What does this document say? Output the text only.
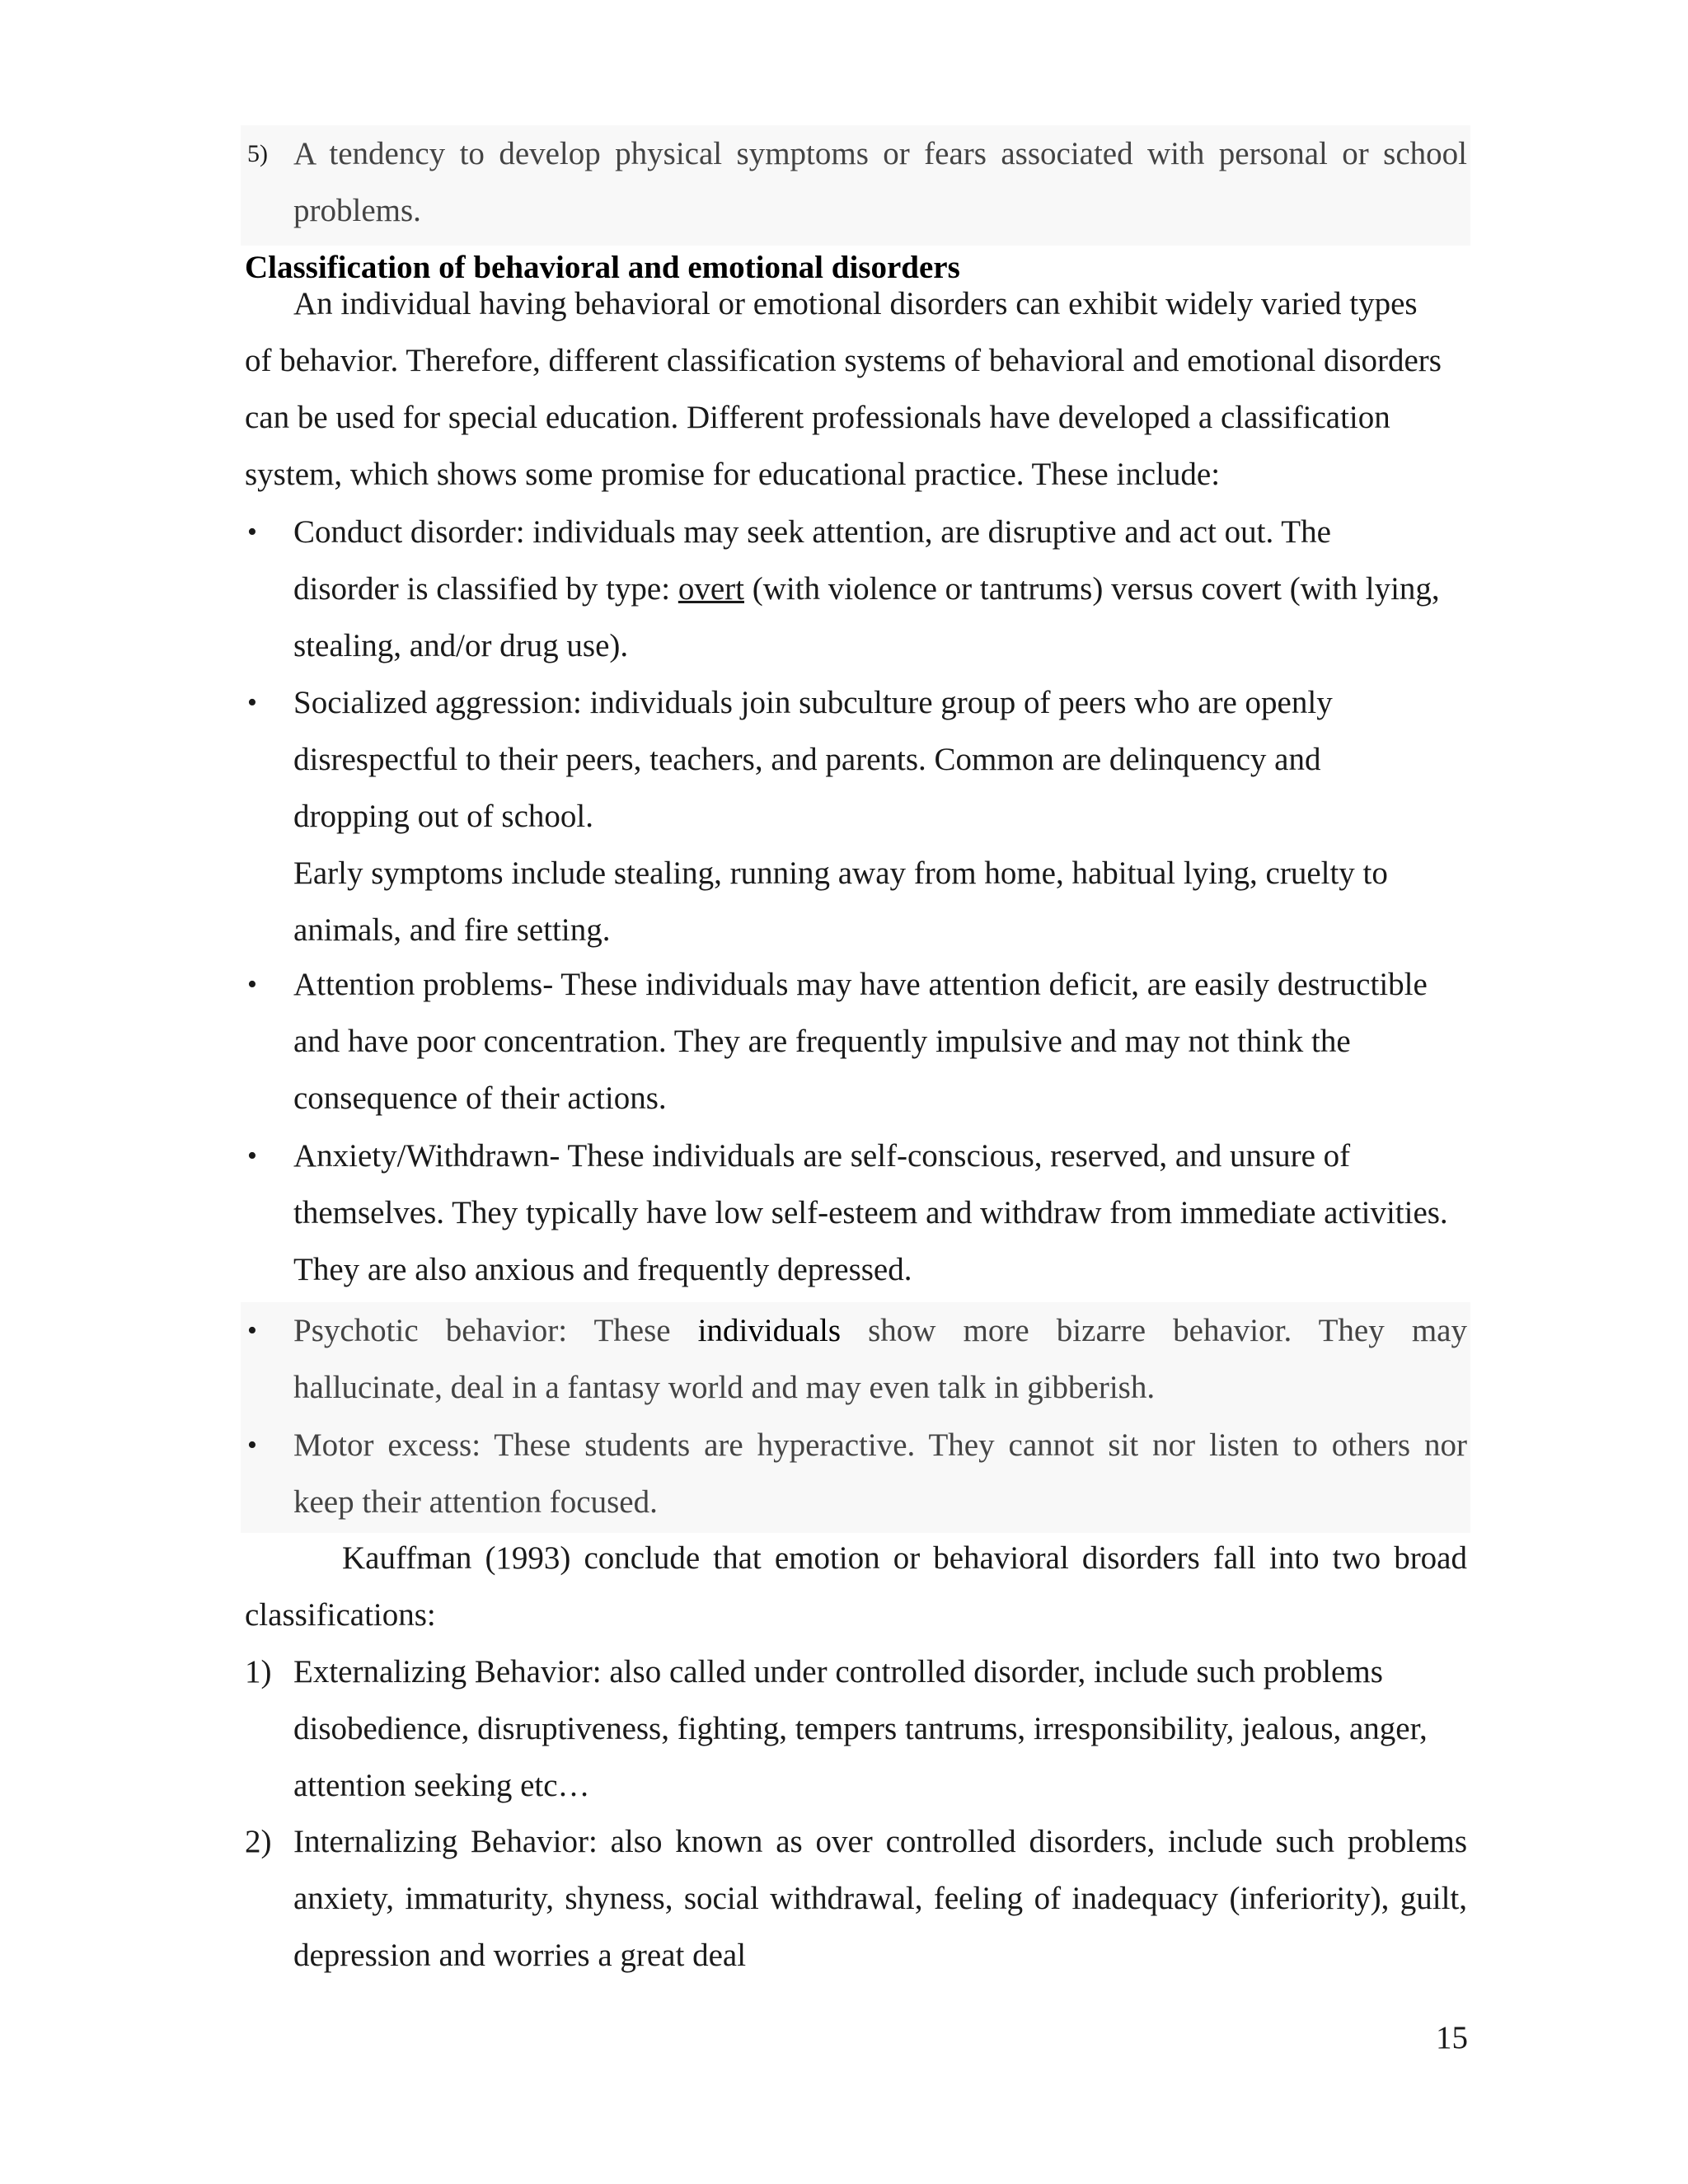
5) A tendency to develop physical symptoms or fears associated with personal or school
problems.
Classification of behavioral and emotional disorders
An individual having behavioral or emotional disorders can exhibit widely varied types
of behavior. Therefore, different classification systems of behavioral and emotional disorders
can be used for special education. Different professionals have developed a classification
system, which shows some promise for educational practice. These include:
• Conduct disorder: individuals may seek attention, are disruptive and act out. The
disorder is classified by type: overt (with violence or tantrums) versus covert (with lying,
stealing, and/or drug use).
• Socialized aggression: individuals join subculture group of peers who are openly
disrespectful to their peers, teachers, and parents. Common are delinquency and
dropping out of school.
Early symptoms include stealing, running away from home, habitual lying, cruelty to
animals, and fire setting.
• Attention problems- These individuals may have attention deficit, are easily destructible
and have poor concentration. They are frequently impulsive and may not think the
consequence of their actions.
• Anxiety/Withdrawn- These individuals are self-conscious, reserved, and unsure of
themselves. They typically have low self-esteem and withdraw from immediate activities.
They are also anxious and frequently depressed.
• Psychotic behavior: These individuals show more bizarre behavior. They may
hallucinate, deal in a fantasy world and may even talk in gibberish.
• Motor excess: These students are hyperactive. They cannot sit nor listen to others nor
keep their attention focused.
Kauffman (1993) conclude that emotion or behavioral disorders fall into two broad
classifications:
1) Externalizing Behavior: also called under controlled disorder, include such problems
disobedience, disruptiveness, fighting, tempers tantrums, irresponsibility, jealous, anger,
attention seeking etc…
2) Internalizing Behavior: also known as over controlled disorders, include such problems
anxiety, immaturity, shyness, social withdrawal, feeling of inadequacy (inferiority), guilt,
depression and worries a great deal
15
